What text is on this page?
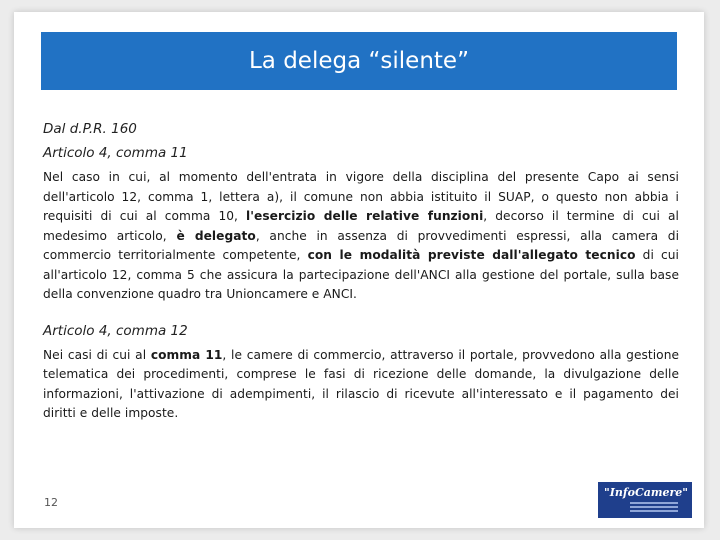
La delega “silente”
Dal d.P.R. 160
Articolo 4, comma 11

Nel caso in cui, al momento dell'entrata in vigore della disciplina del presente Capo ai sensi dell'articolo 12, comma 1, lettera a), il comune non abbia istituito il SUAP, o questo non abbia i requisiti di cui al comma 10, l'esercizio delle relative funzioni, decorso il termine di cui al medesimo articolo, è delegato, anche in assenza di provvedimenti espressi, alla camera di commercio territorialmente competente, con le modalità previste dall'allegato tecnico di cui all'articolo 12, comma 5 che assicura la partecipazione dell'ANCI alla gestione del portale, sulla base della convenzione quadro tra Unioncamere e ANCI.

Articolo 4, comma 12

Nei casi di cui al comma 11, le camere di commercio, attraverso il portale, provvedono alla gestione telematica dei procedimenti, comprese le fasi di ricezione delle domande, la divulgazione delle informazioni, l'attivazione di adempimenti, il rilascio di ricevute all'interessato e il pagamento dei diritti e delle imposte.

12
"InfoCamere"
